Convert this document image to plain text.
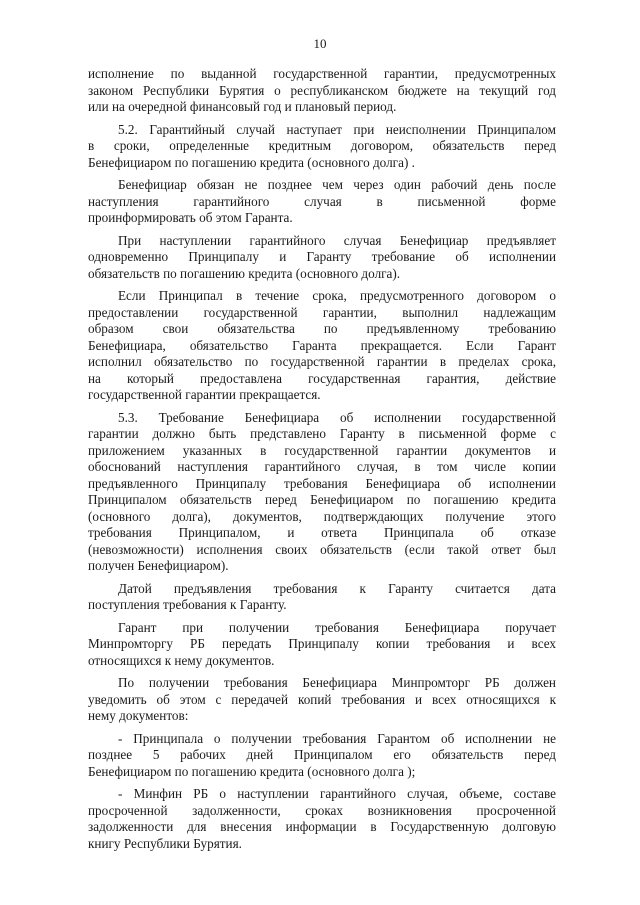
10
исполнение по выданной государственной гарантии, предусмотренных
законом Республики Бурятия о республиканском бюджете на текущий год
или на очередной финансовый год и плановый период.
5.2. Гарантийный случай наступает при неисполнении Принципалом
в сроки, определенные кредитным договором, обязательств перед
Бенефициаром по погашению кредита (основного долга) .
Бенефициар обязан не позднее чем через один рабочий день после
наступления гарантийного случая в письменной форме
проинформировать об этом Гаранта.
При наступлении гарантийного случая Бенефициар предъявляет
одновременно Принципалу и Гаранту требование об исполнении
обязательств по погашению кредита (основного долга).
Если Принципал в течение срока, предусмотренного договором о
предоставлении государственной гарантии, выполнил надлежащим
образом свои обязательства по предъявленному требованию
Бенефициара, обязательство Гаранта прекращается. Если Гарант
исполнил обязательство по государственной гарантии в пределах срока,
на который предоставлена государственная гарантия, действие
государственной гарантии прекращается.
5.3. Требование Бенефициара об исполнении государственной
гарантии должно быть представлено Гаранту в письменной форме с
приложением указанных в государственной гарантии документов и
обоснований наступления гарантийного случая, в том числе копии
предъявленного Принципалу требования Бенефициара об исполнении
Принципалом обязательств перед Бенефициаром по погашению кредита
(основного долга), документов, подтверждающих получение этого
требования Принципалом, и ответа Принципала об отказе
(невозможности) исполнения своих обязательств (если такой ответ был
получен Бенефициаром).
Датой предъявления требования к Гаранту считается дата
поступления требования к Гаранту.
Гарант при получении требования Бенефициара поручает
Минпромторгу РБ передать Принципалу копии требования и всех
относящихся к нему документов.
По получении требования Бенефициара Минпромторг РБ должен
уведомить об этом с передачей копий требования и всех относящихся к
нему документов:
- Принципала о получении требования Гарантом об исполнении не
позднее 5 рабочих дней Принципалом его обязательств перед
Бенефициаром по погашению кредита (основного долга );
- Минфин РБ о наступлении гарантийного случая, объеме, составе
просроченной задолженности, сроках возникновения просроченной
задолженности для внесения информации в Государственную долговую
книгу Республики Бурятия.
